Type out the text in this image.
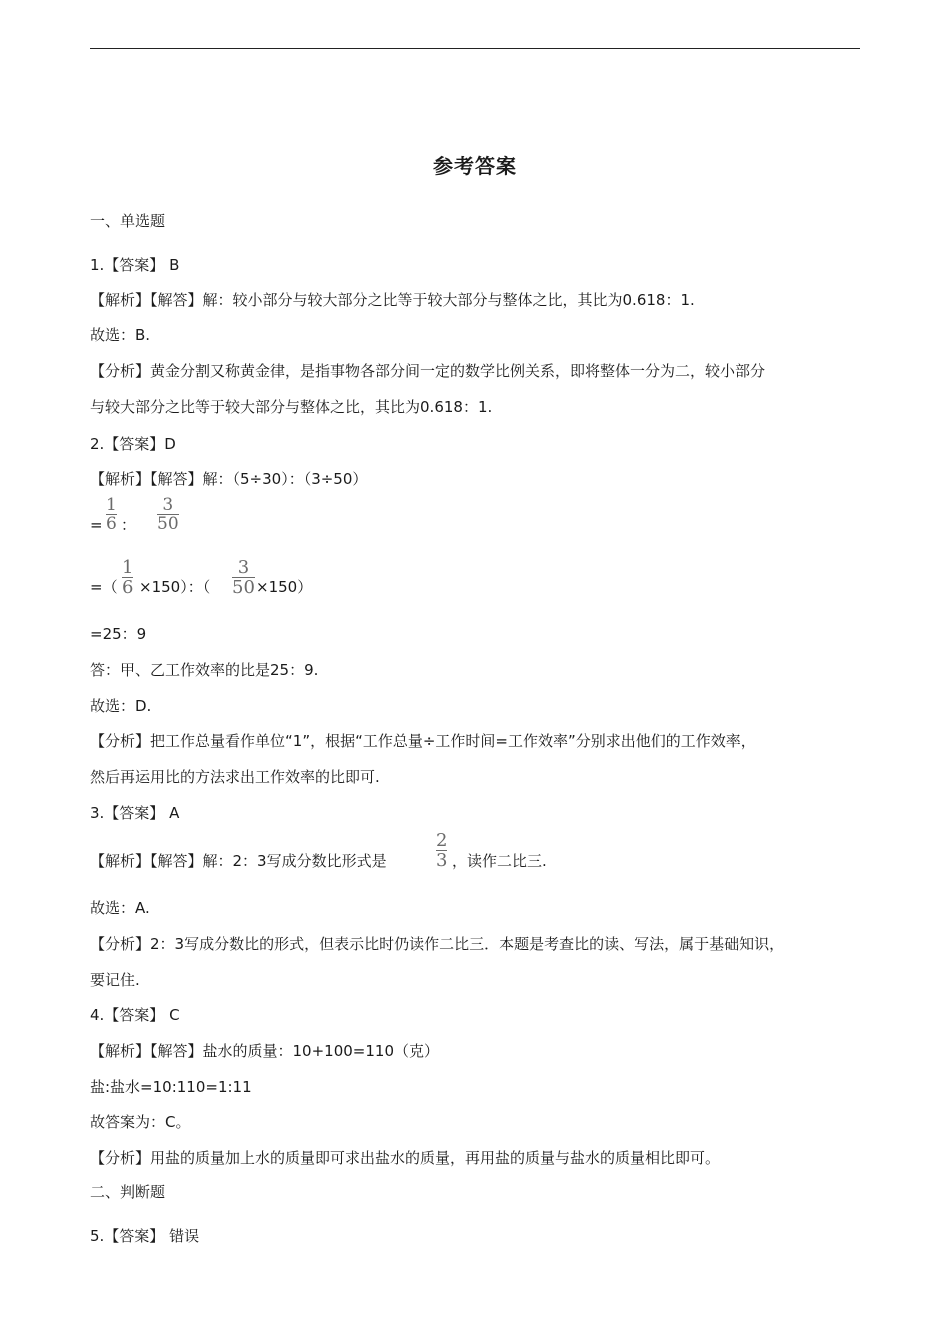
参考答案
一、单选题
1.【答案】 B
【解析】【解答】解：较小部分与较大部分之比等于较大部分与整体之比，其比为0.618：1.
故选：B.
【分析】黄金分割又称黄金律，是指事物各部分间一定的数学比例关系，即将整体一分为二，较小部分
与较大部分之比等于较大部分与整体之比，其比为0.618：1.
2.【答案】D
【解析】【解答】解：（5÷30）：（3÷50）
=
1
6 ：
3
50
=（
1
6 ×150）：（
3
50 ×150）
=25：9
答：甲、乙工作效率的比是25：9.
故选：D.
【分析】把工作总量看作单位“1”，根据“工作总量÷工作时间=工作效率”分别求出他们的工作效率，
然后再运用比的方法求出工作效率的比即可.
3.【答案】 A
【解析】【解答】解：2：3写成分数比形式是
2
3 ，读作二比三.
故选：A.
【分析】2：3写成分数比的形式，但表示比时仍读作二比三．本题是考查比的读、写法，属于基础知识，
要记住.
4.【答案】 C
【解析】【解答】盐水的质量：10+100=110（克）
盐:盐水=10:110=1:11
故答案为：C。
【分析】用盐的质量加上水的质量即可求出盐水的质量，再用盐的质量与盐水的质量相比即可。
二、判断题
5.【答案】 错误
